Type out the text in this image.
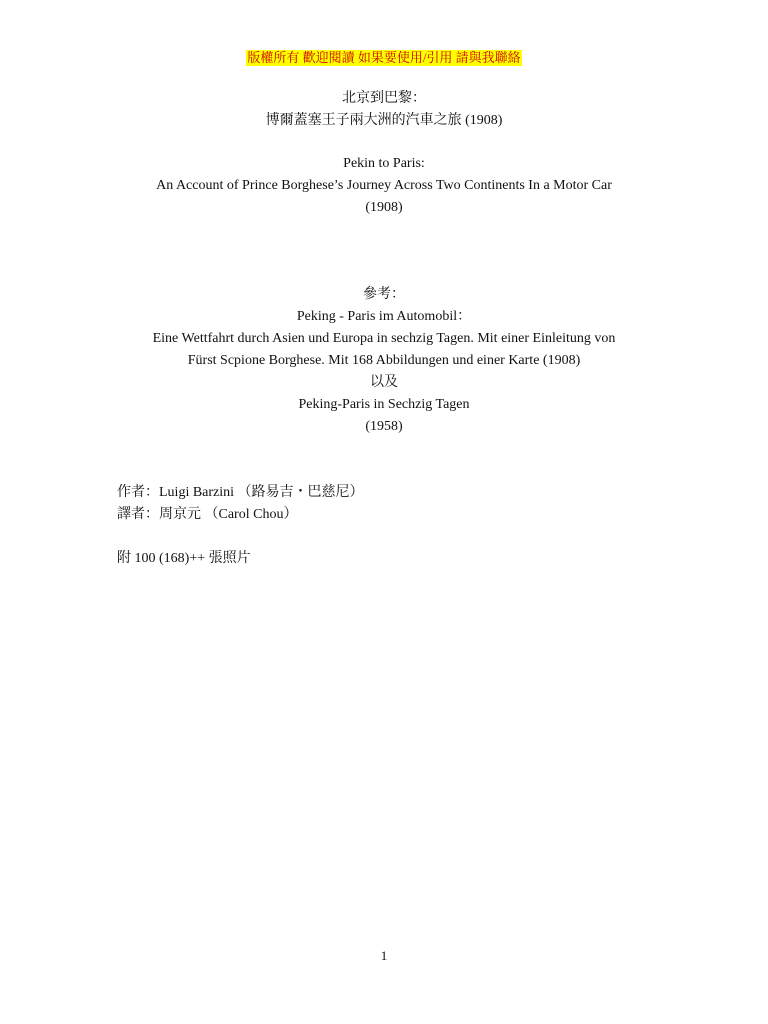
版權所有 歡迎閱讀 如果要使用/引用 請與我聯絡
北京到巴黎：
博爾蓋塞王子兩大洲的汽車之旅 (1908)
Pekin to Paris:
An Account of Prince Borghese’s Journey Across Two Continents In a Motor Car
(1908)
參考：
Peking - Paris im Automobil：
Eine Wettfahrt durch Asien und Europa in sechzig Tagen. Mit einer Einleitung von
Fürst Scpione Borghese. Mit 168 Abbildungen und einer Karte (1908)
以及
Peking-Paris in Sechzig Tagen
(1958)
作者：Luigi Barzini （路易吉・巴慈尼）
譯者：周京元 （Carol Chou）
附 100 (168)++ 張照片
1
